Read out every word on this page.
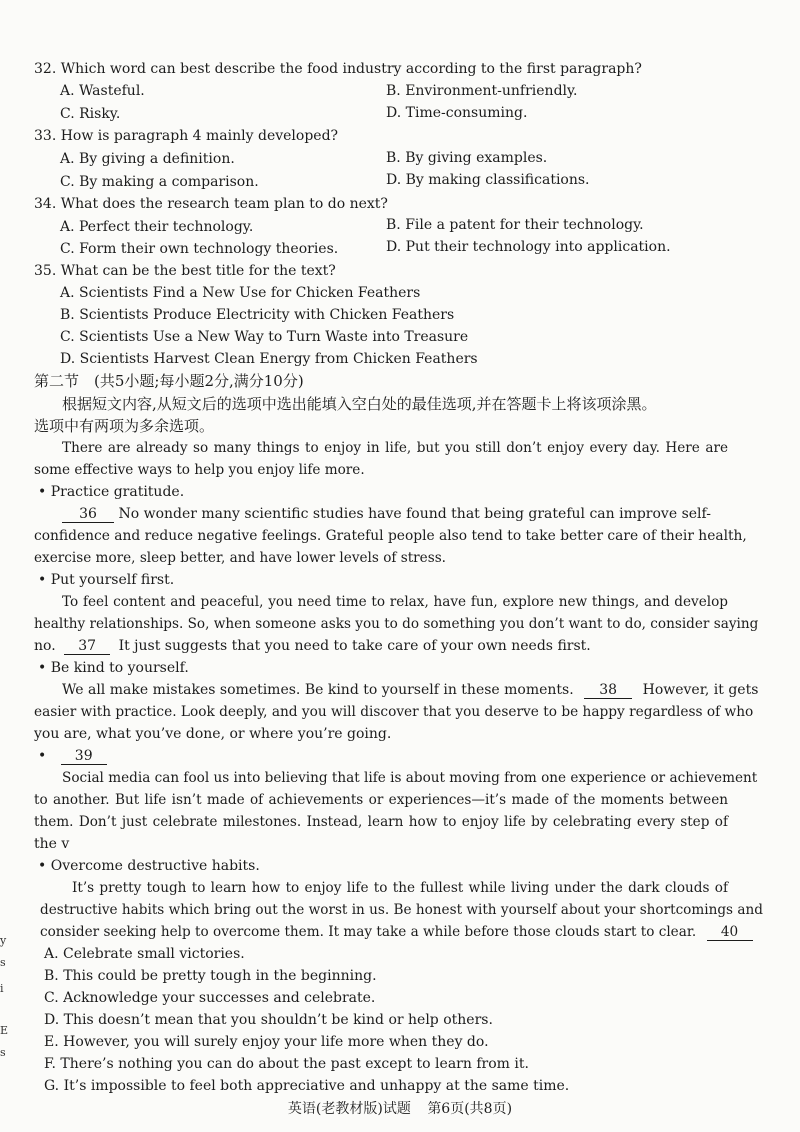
32. Which word can best describe the food industry according to the first paragraph?
A. Wasteful.	B. Environment-unfriendly.
C. Risky.	D. Time-consuming.
33. How is paragraph 4 mainly developed?
A. By giving a definition.	B. By giving examples.
C. By making a comparison.	D. By making classifications.
34. What does the research team plan to do next?
A. Perfect their technology.	B. File a patent for their technology.
C. Form their own technology theories.	D. Put their technology into application.
35. What can be the best title for the text?
A. Scientists Find a New Use for Chicken Feathers
B. Scientists Produce Electricity with Chicken Feathers
C. Scientists Use a New Way to Turn Waste into Treasure
D. Scientists Harvest Clean Energy from Chicken Feathers
第二节　(共5小题;每小题2分,满分10分)
根据短文内容,从短文后的选项中选出能填入空白处的最佳选项,并在答题卡上将该项涂黑。
选项中有两项为多余选项。
There are already so many things to enjoy in life, but you still don’t enjoy every day. Here are
some effective ways to help you enjoy life more.
• Practice gratitude.
36 No wonder many scientific studies have found that being grateful can improve self-
confidence and reduce negative feelings. Grateful people also tend to take better care of their health,
exercise more, sleep better, and have lower levels of stress.
• Put yourself first.
To feel content and peaceful, you need time to relax, have fun, explore new things, and develop
healthy relationships. So, when someone asks you to do something you don’t want to do, consider saying
no. 37 It just suggests that you need to take care of your own needs first.
• Be kind to yourself.
We all make mistakes sometimes. Be kind to yourself in these moments. 38 However, it gets
easier with practice. Look deeply, and you will discover that you deserve to be happy regardless of who
you are, what you’ve done, or where you’re going.
• 39
Social media can fool us into believing that life is about moving from one experience or achievement
to another. But life isn’t made of achievements or experiences—it’s made of the moments between
them. Don’t just celebrate milestones. Instead, learn how to enjoy life by celebrating every step of
the v
• Overcome destructive habits.
It’s pretty tough to learn how to enjoy life to the fullest while living under the dark clouds of
destructive habits which bring out the worst in us. Be honest with yourself about your shortcomings and
consider seeking help to overcome them. It may take a while before those clouds start to clear. 40
A. Celebrate small victories.
B. This could be pretty tough in the beginning.
C. Acknowledge your successes and celebrate.
D. This doesn’t mean that you shouldn’t be kind or help others.
E. However, you will surely enjoy your life more when they do.
F. There’s nothing you can do about the past except to learn from it.
G. It’s impossible to feel both appreciative and unhappy at the same time.
y
s
i
E
s
英语(老教材版)试题 第6页(共8页)
